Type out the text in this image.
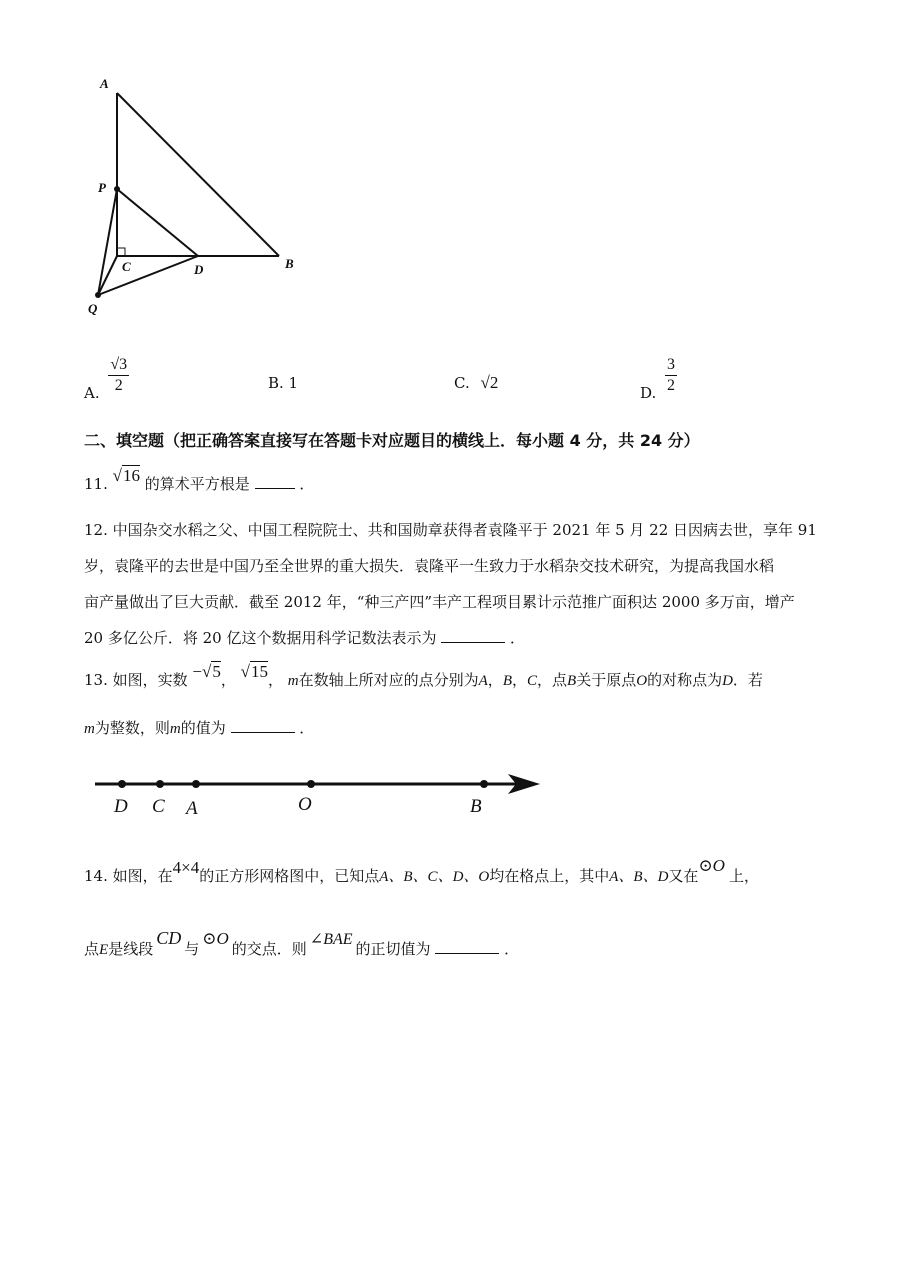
A
P
C	D	B
Q
A. $\frac{√3}{2}$	B. 1	C. √2
D. $\frac{3}{2}$
二、填空题（把正确答案直接写在答题卡对应题目的横线上．每小题 4 分，共 24 分）
11. √16 的算术平方根是	．
12. 中国杂交水稻之父、中国工程院院士、共和国勋章获得者袁隆平于 2021 年 5 月 22 日因病去世，享年 91
岁，袁隆平的去世是中国乃至全世界的重大损失．袁隆平一生致力于水稻杂交技术研究，为提高我国水稻
亩产量做出了巨大贡献．截至 2012 年，“种三产四”丰产工程项目累计示范推广面积达 2000 多万亩，增产
20 多亿公斤．将 20 亿这个数据用科学记数法表示为	．
13. 如图，实数 −√5， √15， m在数轴上所对应的点分别为A，B，C，点B关于原点O的对称点为D．若
m为整数，则m的值为	．
D C A	O	B
14. 如图，在4×4的正方形网格图中，已知点A、B、C、D、O均在格点上，其中A、B、D又在⊙O上，
点E是线段CD与⊙O的交点．则∠BAE的正切值为	．
